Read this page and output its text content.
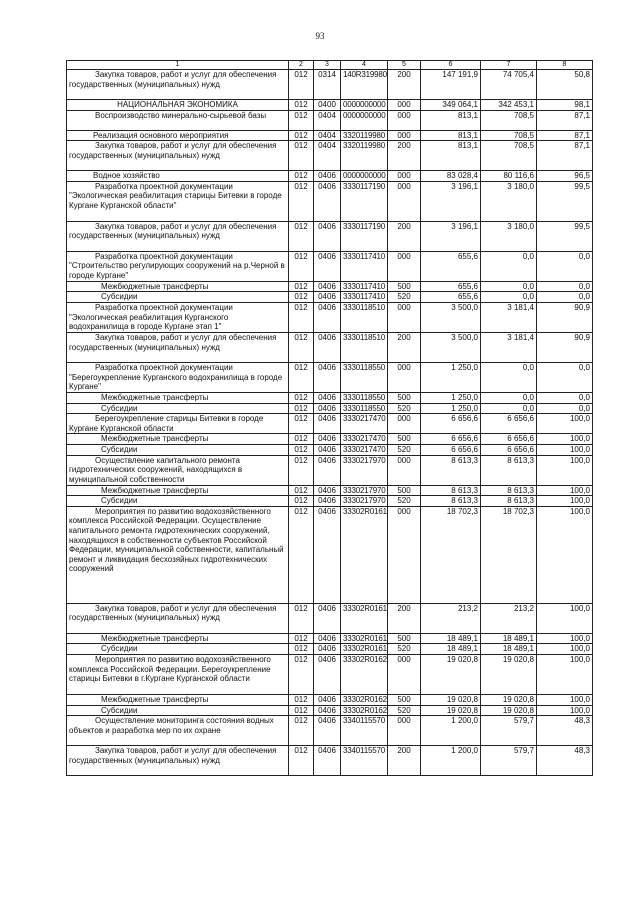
93
1	2	3	4	5	6	7	8
Закупка товаров, работ и услуг для обеспечения государственных (муниципальных) нужд	012	0314	140R319980	200	147 191,9	74 705,4	50,8
НАЦИОНАЛЬНАЯ ЭКОНОМИКА	012	0400	0000000000	000	349 064,1	342 453,1	98,1
Воспроизводство минерально-сырьевой базы	012	0404	0000000000	000	813,1	708,5	87,1
Реализация основного мероприятия	012	0404	3320119980	000	813,1	708,5	87,1
Закупка товаров, работ и услуг для обеспечения государственных (муниципальных) нужд	012	0404	3320119980	200	813,1	708,5	87,1
Водное хозяйство	012	0406	0000000000	000	83 028,4	80 116,6	96,5
Разработка проектной документации "Экологическая реабилитация старицы Битевки в городе Кургане Курганской области"	012	0406	3330117190	000	3 196,1	3 180,0	99,5
Закупка товаров, работ и услуг для обеспечения государственных (муниципальных) нужд	012	0406	3330117190	200	3 196,1	3 180,0	99,5
Разработка проектной документации "Строительство регулирующих сооружений на р.Черной в городе Кургане"	012	0406	3330117410	000	655,6	0,0	0,0
Межбюджетные трансферты	012	0406	3330117410	500	655,6	0,0	0,0
Субсидии	012	0406	3330117410	520	655,6	0,0	0,0
Разработка проектной документации "Экологическая реабилитация Курганского водохранилища в городе Кургане этап 1"	012	0406	3330118510	000	3 500,0	3 181,4	90,9
Закупка товаров, работ и услуг для обеспечения государственных (муниципальных) нужд	012	0406	3330118510	200	3 500,0	3 181,4	90,9
Разработка проектной документации "Берегоукрепление Курганского водохранилища в городе Кургане"	012	0406	3330118550	000	1 250,0	0,0	0,0
Межбюджетные трансферты	012	0406	3330118550	500	1 250,0	0,0	0,0
Субсидии	012	0406	3330118550	520	1 250,0	0,0	0,0
Берегоукрепление старицы Битевки в городе Кургане Курганской области	012	0406	3330217470	000	6 656,6	6 656,6	100,0
Межбюджетные трансферты	012	0406	3330217470	500	6 656,6	6 656,6	100,0
Субсидии	012	0406	3330217470	520	6 656,6	6 656,6	100,0
Осуществление капитального ремонта гидротехнических сооружений, находящихся в муниципальной собственности	012	0406	3330217970	000	8 613,3	8 613,3	100,0
Межбюджетные трансферты	012	0406	3330217970	500	8 613,3	8 613,3	100,0
Субсидии	012	0406	3330217970	520	8 613,3	8 613,3	100,0
Мероприятия по развитию водохозяйственного комплекса Российской Федерации. Осуществление капитального ремонта гидротехнических сооружений, находящихся в собственности субъектов Российской Федерации, муниципальной собственности, капитальный ремонт и ликвидация бесхозяйных гидротехнических сооружений	012	0406	33302R0161	000	18 702,3	18 702,3	100,0
Закупка товаров, работ и услуг для обеспечения государственных (муниципальных) нужд	012	0406	33302R0161	200	213,2	213,2	100,0
Межбюджетные трансферты	012	0406	33302R0161	500	18 489,1	18 489,1	100,0
Субсидии	012	0406	33302R0161	520	18 489,1	18 489,1	100,0
Мероприятия по развитию водохозяйственного комплекса Российской Федерации. Берегоукрепление старицы Битевки в г.Кургане Курганской области	012	0406	33302R0162	000	19 020,8	19 020,8	100,0
Межбюджетные трансферты	012	0406	33302R0162	500	19 020,8	19 020,8	100,0
Субсидии	012	0406	33302R0162	520	19 020,8	19 020,8	100,0
Осуществление мониторинга состояния водных объектов и разработка мер по их охране	012	0406	3340115570	000	1 200,0	579,7	48,3
Закупка товаров, работ и услуг для обеспечения государственных (муниципальных) нужд	012	0406	3340115570	200	1 200,0	579,7	48,3
